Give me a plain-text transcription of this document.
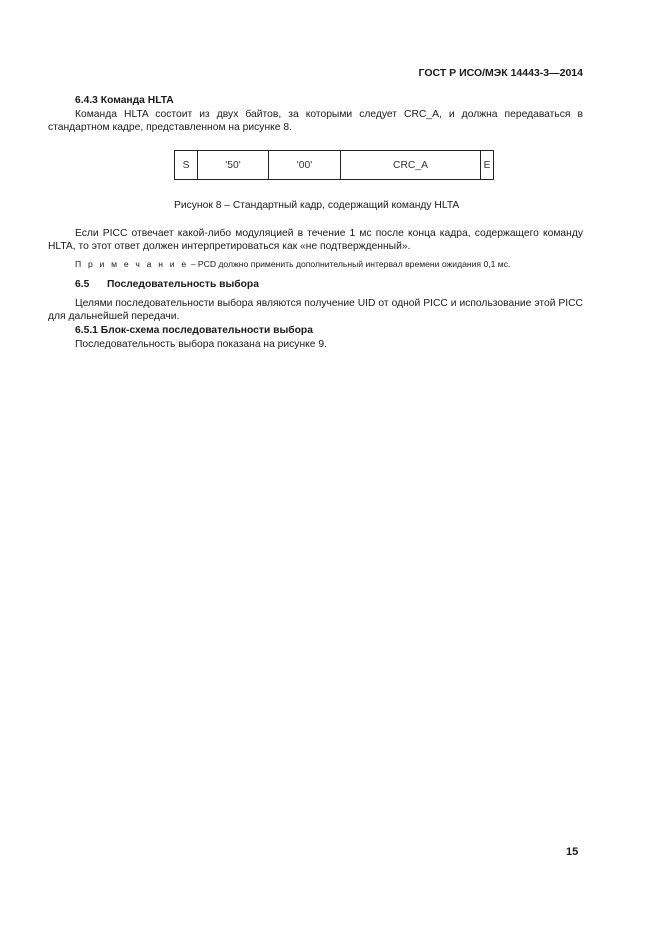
ГОСТ Р ИСО/МЭК 14443-3—2014
6.4.3 Команда HLTA
Команда HLTA состоит из двух байтов, за которыми следует CRC_A, и должна передаваться в стандартном кадре, представленном на рисунке 8.
S	'50'	'00'	CRC_A	E
Рисунок 8 – Стандартный кадр, содержащий команду HLTA
Если PICC отвечает какой-либо модуляцией в течение 1 мс после конца кадра, содержащего команду HLTA, то этот ответ должен интерпретироваться как «не подтвержденный».
П р и м е ч а н и е – PCD должно применить дополнительный интервал времени ожидания 0,1 мс.
6.5 Последовательность выбора
Целями последовательности выбора являются получение UID от одной PICC и использование этой PICC для дальнейшей передачи.
6.5.1 Блок-схема последовательности выбора
Последовательность выбора показана на рисунке 9.
15
